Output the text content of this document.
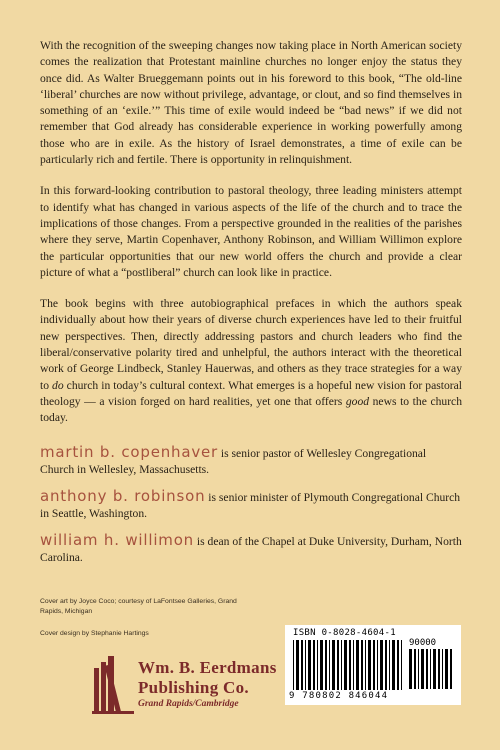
With the recognition of the sweeping changes now taking place in North American society comes the realization that Protestant mainline churches no longer enjoy the status they once did. As Walter Brueggemann points out in his foreword to this book, “The old-line ‘liberal’ churches are now without privilege, advantage, or clout, and so find themselves in something of an ‘exile.’” This time of exile would indeed be “bad news” if we did not remember that God already has considerable experience in working powerfully among those who are in exile. As the history of Israel demonstrates, a time of exile can be particularly rich and fertile. There is opportunity in relinquishment.

In this forward-looking contribution to pastoral theology, three leading ministers attempt to identify what has changed in various aspects of the life of the church and to trace the implications of those changes. From a perspective grounded in the realities of the parishes where they serve, Martin Copenhaver, Anthony Robinson, and William Willimon explore the particular opportunities that our new world offers the church and provide a clear picture of what a “postliberal” church can look like in practice.

The book begins with three autobiographical prefaces in which the authors speak individually about how their years of diverse church experiences have led to their fruitful new perspectives. Then, directly addressing pastors and church leaders who find the liberal/conservative polarity tired and unhelpful, the authors interact with the theoretical work of George Lindbeck, Stanley Hauerwas, and others as they trace strategies for a way to do church in today’s cultural context. What emerges is a hopeful new vision for pastoral theology — a vision forged on hard realities, yet one that offers good news to the church today.

martin b. copenhaver is senior pastor of Wellesley Congregational Church in Wellesley, Massachusetts.

anthony b. robinson is senior minister of Plymouth Congregational Church in Seattle, Washington.

william h. willimon is dean of the Chapel at Duke University, Durham, North Carolina.

Cover art by Joyce Coco; courtesy of LaFontsee Galleries, Grand Rapids, Michigan

Cover design by Stephanie Hartings

Wm. B. Eerdmans
Publishing Co.
Grand Rapids/Cambridge
ISBN 0-8028-4604-1
90000
9 780802 846044
